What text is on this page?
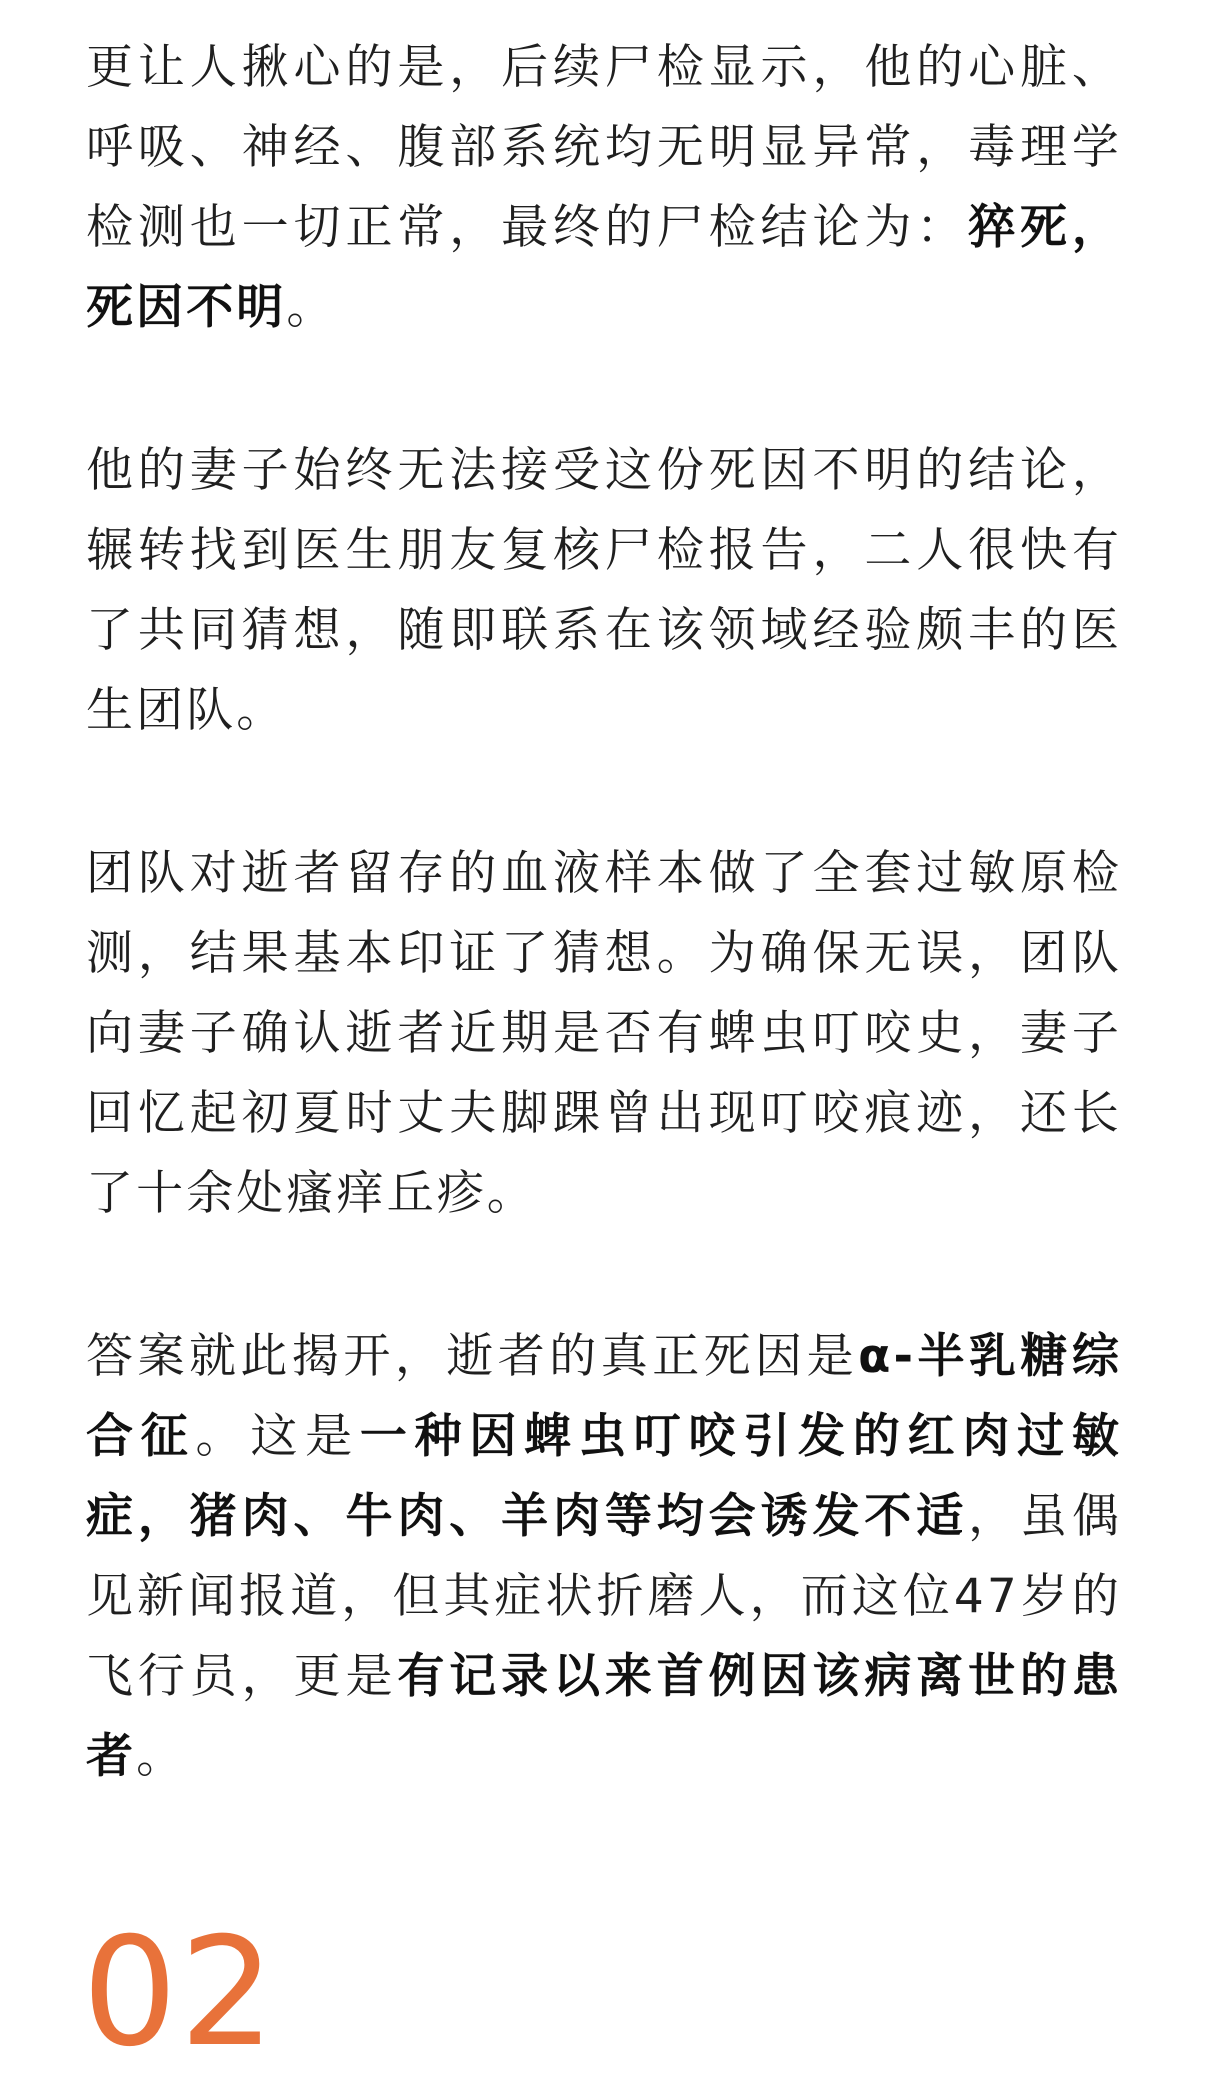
更让人揪心的是，后续尸检显示，他的心脏、呼吸、神经、腹部系统均无明显异常，毒理学检测也一切正常，最终的尸检结论为：猝死，死因不明。

他的妻子始终无法接受这份死因不明的结论，辗转找到医生朋友复核尸检报告，二人很快有了共同猜想，随即联系在该领域经验颇丰的医生团队。

团队对逝者留存的血液样本做了全套过敏原检测，结果基本印证了猜想。为确保无误，团队向妻子确认逝者近期是否有蜱虫叮咬史，妻子回忆起初夏时丈夫脚踝曾出现叮咬痕迹，还长了十余处瘙痒丘疹。

答案就此揭开，逝者的真正死因是α-半乳糖综合征。这是一种因蜱虫叮咬引发的红肉过敏症，猪肉、牛肉、羊肉等均会诱发不适，虽偶见新闻报道，但其症状折磨人，而这位47岁的飞行员，更是有记录以来首例因该病离世的患者。

02
